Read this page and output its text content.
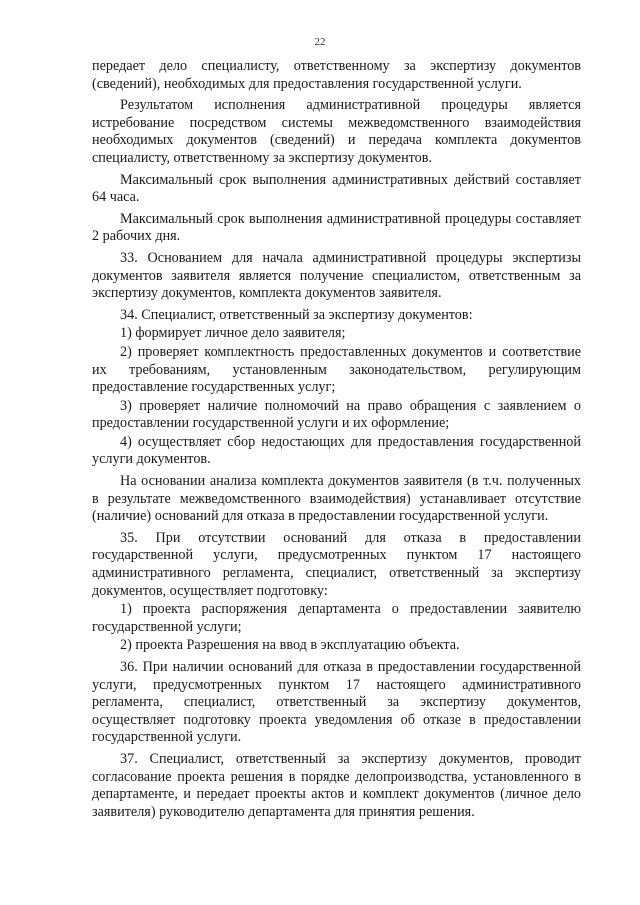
22

передает дело специалисту, ответственному за экспертизу документов (сведений), необходимых для предоставления государственной услуги.

Результатом исполнения административной процедуры является истребование посредством системы межведомственного взаимодействия необходимых документов (сведений) и передача комплекта документов специалисту, ответственному за экспертизу документов.

Максимальный срок выполнения административных действий составляет 64 часа.

Максимальный срок выполнения административной процедуры составляет 2 рабочих дня.

33. Основанием для начала административной процедуры экспертизы документов заявителя является получение специалистом, ответственным за экспертизу документов, комплекта документов заявителя.

34. Специалист, ответственный за экспертизу документов:

1) формирует личное дело заявителя;

2) проверяет комплектность предоставленных документов и соответствие их требованиям, установленным законодательством, регулирующим предоставление государственных услуг;

3) проверяет наличие полномочий на право обращения с заявлением о предоставлении государственной услуги и их оформление;

4) осуществляет сбор недостающих для предоставления государственной услуги документов.

На основании анализа комплекта документов заявителя (в т.ч. полученных в результате межведомственного взаимодействия) устанавливает отсутствие (наличие) оснований для отказа в предоставлении государственной услуги.

35. При отсутствии оснований для отказа в предоставлении государственной услуги, предусмотренных пунктом 17 настоящего административного регламента, специалист, ответственный за экспертизу документов, осуществляет подготовку:

1) проекта распоряжения департамента о предоставлении заявителю государственной услуги;

2) проекта Разрешения на ввод в эксплуатацию объекта.

36. При наличии оснований для отказа в предоставлении государственной услуги, предусмотренных пунктом 17 настоящего административного регламента, специалист, ответственный за экспертизу документов, осуществляет подготовку проекта уведомления об отказе в предоставлении государственной услуги.

37. Специалист, ответственный за экспертизу документов, проводит согласование проекта решения в порядке делопроизводства, установленного в департаменте, и передает проекты актов и комплект документов (личное дело заявителя) руководителю департамента для принятия решения.
